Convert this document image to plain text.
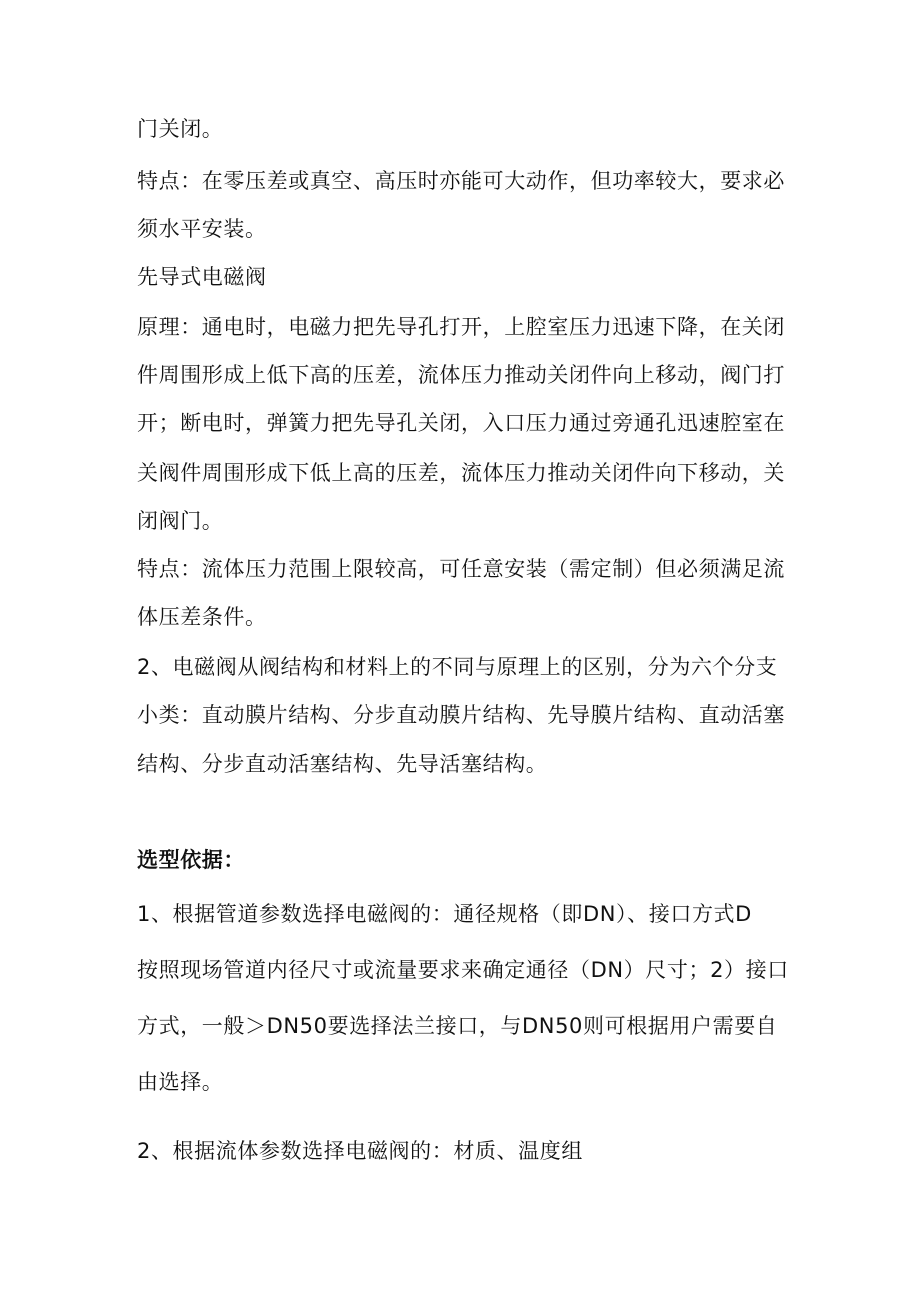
门关闭。
特点：在零压差或真空、高压时亦能可大动作，但功率较大，要求必
须水平安装。
先导式电磁阀
原理：通电时，电磁力把先导孔打开，上腔室压力迅速下降，在关闭
件周围形成上低下高的压差，流体压力推动关闭件向上移动，阀门打
开；断电时，弹簧力把先导孔关闭，入口压力通过旁通孔迅速腔室在
关阀件周围形成下低上高的压差，流体压力推动关闭件向下移动，关
闭阀门。
特点：流体压力范围上限较高，可任意安装（需定制）但必须满足流
体压差条件。
2、电磁阀从阀结构和材料上的不同与原理上的区别，分为六个分支
小类：直动膜片结构、分步直动膜片结构、先导膜片结构、直动活塞
结构、分步直动活塞结构、先导活塞结构。
选型依据：
1、根据管道参数选择电磁阀的：通径规格（即DN）、接口方式D
按照现场管道内径尺寸或流量要求来确定通径（DN）尺寸；2）接口
方式，一般＞DN50要选择法兰接口，与DN50则可根据用户需要自
由选择。
2、根据流体参数选择电磁阀的：材质、温度组
